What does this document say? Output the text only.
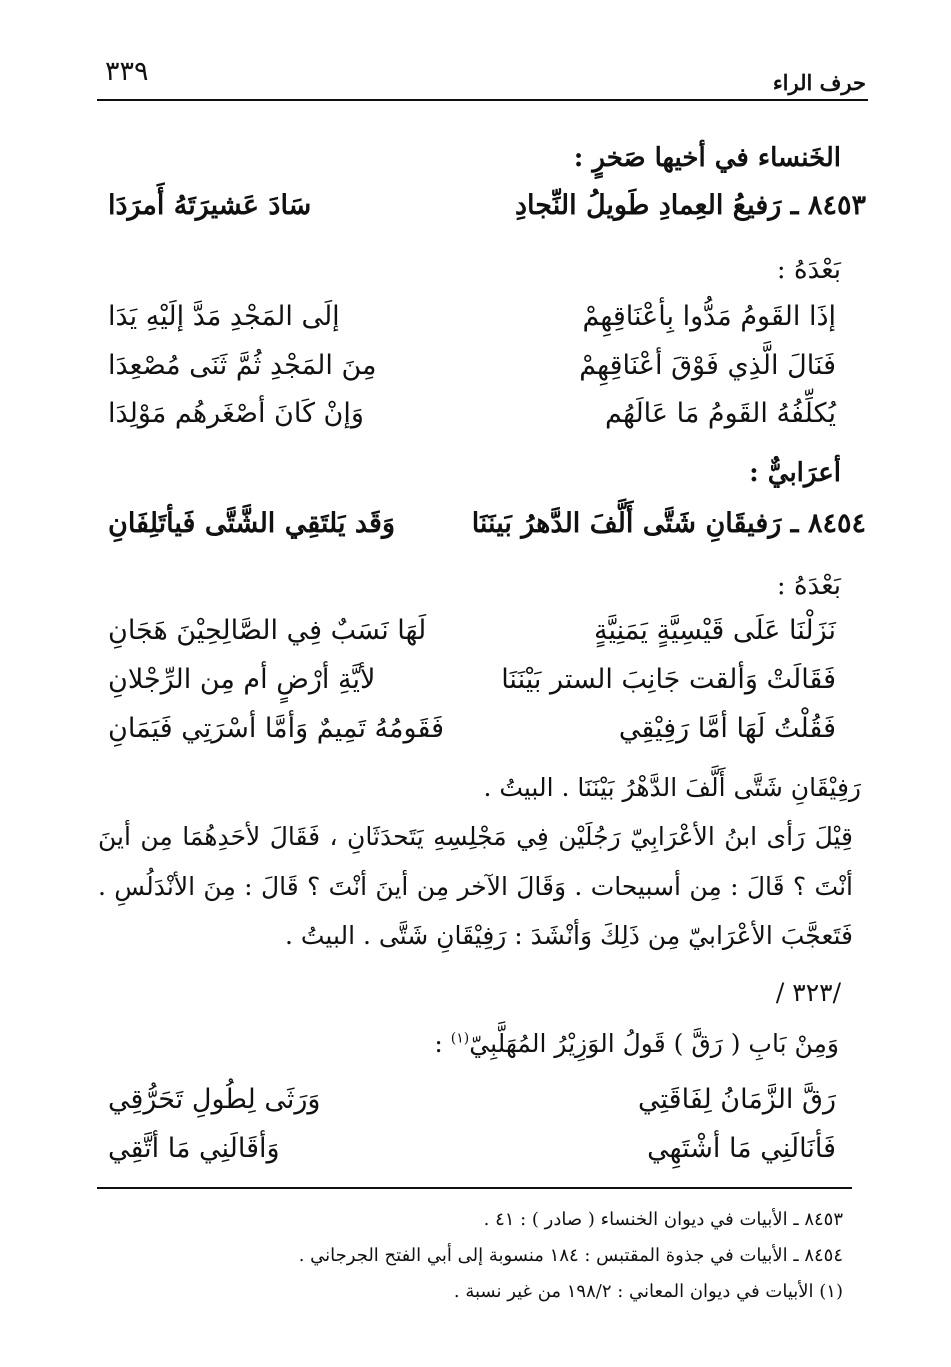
حرف الراء
٣٣٩
الخَنساء في أخيها صَخرٍ :
٨٤٥٣ ـ رَفيعُ العِمادِ طَويلُ النِّجادِ
سَادَ عَشيرَتَهُ أَمرَدَا
بَعْدَهُ :
إذَا القَومُ مَدُّوا بِأعْنَاقِهِمْ
إلَى المَجْدِ مَدَّ إلَيْهِ يَدَا
فَنَالَ الَّذِي فَوْقَ أعْنَاقِهِمْ
مِنَ المَجْدِ ثُمَّ ثَنَى مُصْعِدَا
يُكلِّفُهُ القَومُ مَا عَالَهُم
وَإنْ كَانَ أصْغَرهُم مَوْلِدَا
أعرَابيٌّ :
٨٤٥٤ ـ رَفيقَانِ شَتَّى أَلَّفَ الدَّهرُ بَينَنَا
وَقَد يَلتَقِي الشَّتَّى فَيأتَلِفَانِ
بَعْدَهُ :
نَزَلْنَا عَلَى قَيْسِيَّةٍ يَمَنِيَّةٍ
لَهَا نَسَبٌ فِي الصَّالِحِيْنَ هَجَانِ
فَقَالَتْ وَألقت جَانِبَ الستر بَيْنَنَا
لأيَّةِ أرْضٍ أم مِن الرِّجْلانِ
فَقُلْتُ لَهَا أمَّا رَفِيْقِي
فَقَومُهُ تَمِيمٌ وَأمَّا أسْرَتِي فَيَمَانِ
رَفِيْقَانِ شَتَّى أَلَّفَ الدَّهْرُ بَيْنَنَا . البيتُ .
قِيْلَ رَأى ابنُ الأعْرَابِيّ رَجُلَيْن فِي مَجْلِسِهِ يَتَحدَثَانِ ، فَقَالَ لأحَدِهُمَا مِن أينَ
أنْتَ ؟ قَالَ : مِن أسبيحات . وَقَالَ الآخر مِن أينَ أنْتَ ؟ قَالَ : مِنَ الأنْدَلُسِ .
فَتَعجَّبَ الأعْرَابيّ مِن ذَلِكَ وَأنْشَدَ : رَفِيْقَانِ شَتَّى . البيتُ .
/٣٢٣ /
وَمِنْ بَابِ ( رَقَّ ) قَولُ الوَزِيْرُ المُهَلَّبِيّ$^{(١)}$ :
رَقَّ الزَّمَانُ لِفَاقَتِي
وَرَثَى لِطُولِ تَحَرُّقِي
فَأنَالَنِي مَا أشْتَهِي
وَأقَالَنِي مَا أتَّقِي
٨٤٥٣ ـ الأبيات في ديوان الخنساء ( صادر ) : ٤١ .
٨٤٥٤ ـ الأبيات في جذوة المقتبس : ١٨٤ منسوبة إلى أبي الفتح الجرجاني .
(١) الأبيات في ديوان المعاني : ١٩٨/٢ من غير نسبة .
